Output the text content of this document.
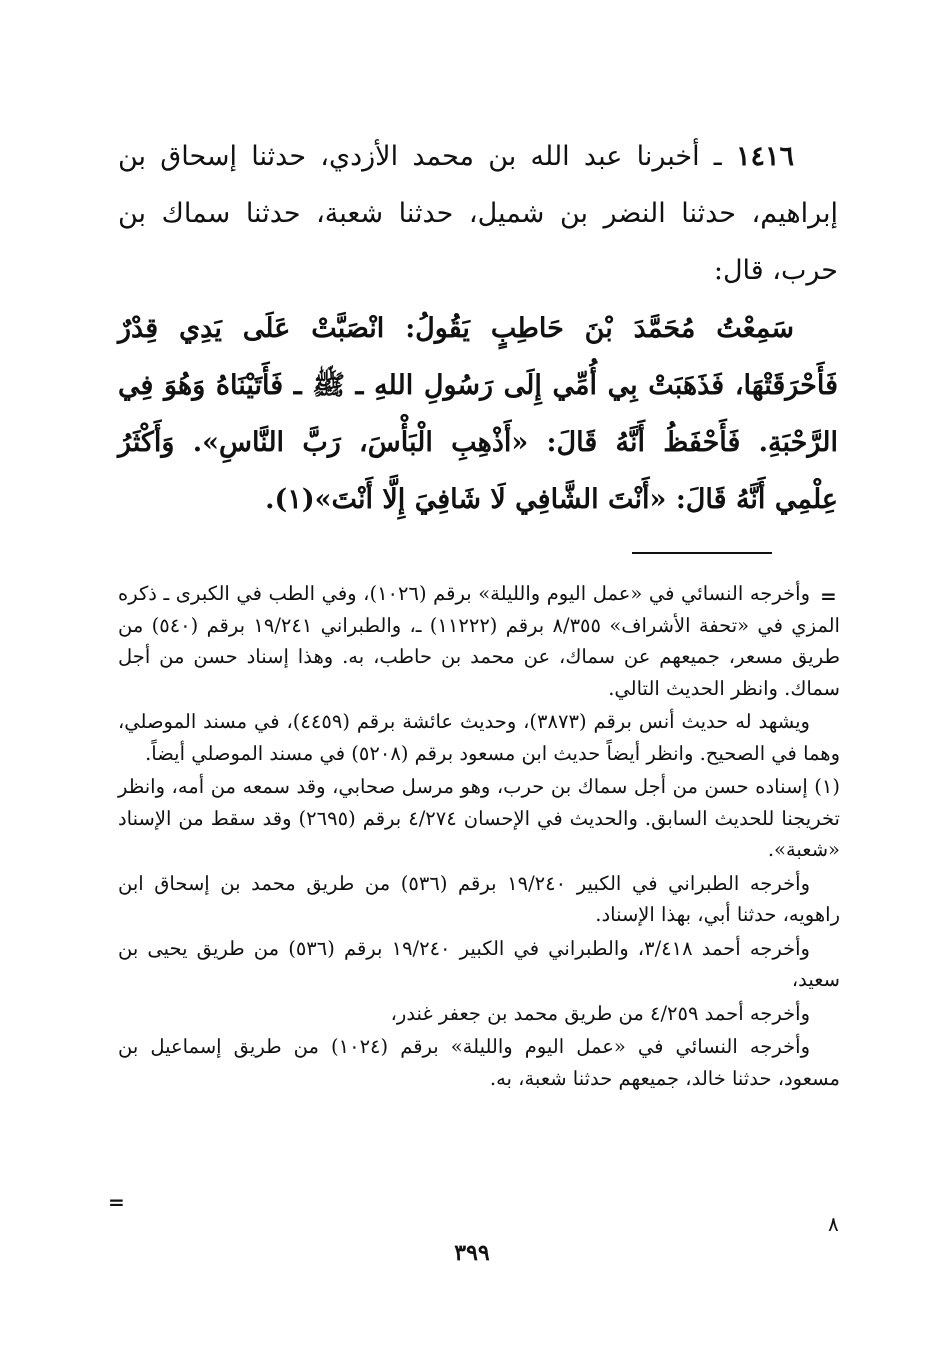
١٤١٦ ـ أخبرنا عبد الله بن محمد الأزدي، حدثنا إسحاق بن إبراهيم، حدثنا النضر بن شميل، حدثنا شعبة، حدثنا سماك بن حرب، قال:

سَمِعْتُ مُحَمَّدَ بْنَ حَاطِبٍ يَقُولُ: انْصَبَّتْ عَلَى يَدِي قِدْرٌ فَأَحْرَقَتْهَا، فَذَهَبَتْ بِي أُمِّي إِلَى رَسُولِ اللهِ ـ ﷺ ـ فَأَتَيْنَاهُ وَهُوَ فِي الرَّحْبَةِ. فَأَحْفَظُ أَنَّهُ قَالَ: «أَذْهِبِ الْبَأْسَ، رَبَّ النَّاسِ». وَأَكْثَرُ عِلْمِي أَنَّهُ قَالَ: «أَنْتَ الشَّافِي لَا شَافِيَ إِلَّا أَنْتَ»(١).

=

وأخرجه النسائي في «عمل اليوم والليلة» برقم (١٠٢٦)، وفي الطب في الكبرى ـ ذكره المزي في «تحفة الأشراف» ٨/٣٥٥ برقم (١١٢٢٢) ـ، والطبراني ١٩/٢٤١ برقم (٥٤٠) من طريق مسعر، جميعهم عن سماك، عن محمد بن حاطب، به. وهذا إسناد حسن من أجل سماك. وانظر الحديث التالي.

ويشهد له حديث أنس برقم (٣٨٧٣)، وحديث عائشة برقم (٤٤٥٩)، في مسند الموصلي، وهما في الصحيح. وانظر أيضاً حديث ابن مسعود برقم (٥٢٠٨) في مسند الموصلي أيضاً.

(١) إسناده حسن من أجل سماك بن حرب، وهو مرسل صحابي، وقد سمعه من أمه، وانظر تخريجنا للحديث السابق. والحديث في الإحسان ٤/٢٧٤ برقم (٢٦٩٥) وقد سقط من الإسناد «شعبة».

وأخرجه الطبراني في الكبير ١٩/٢٤٠ برقم (٥٣٦) من طريق محمد بن إسحاق ابن راهويه، حدثنا أبي، بهذا الإسناد.

وأخرجه أحمد ٣/٤١٨، والطبراني في الكبير ١٩/٢٤٠ برقم (٥٣٦) من طريق يحيى بن سعيد،

وأخرجه أحمد ٤/٢٥٩ من طريق محمد بن جعفر غندر،

وأخرجه النسائي في «عمل اليوم والليلة» برقم (١٠٢٤) من طريق إسماعيل بن مسعود، حدثنا خالد، جميعهم حدثنا شعبة، به.

=
٣٩٩
٨
